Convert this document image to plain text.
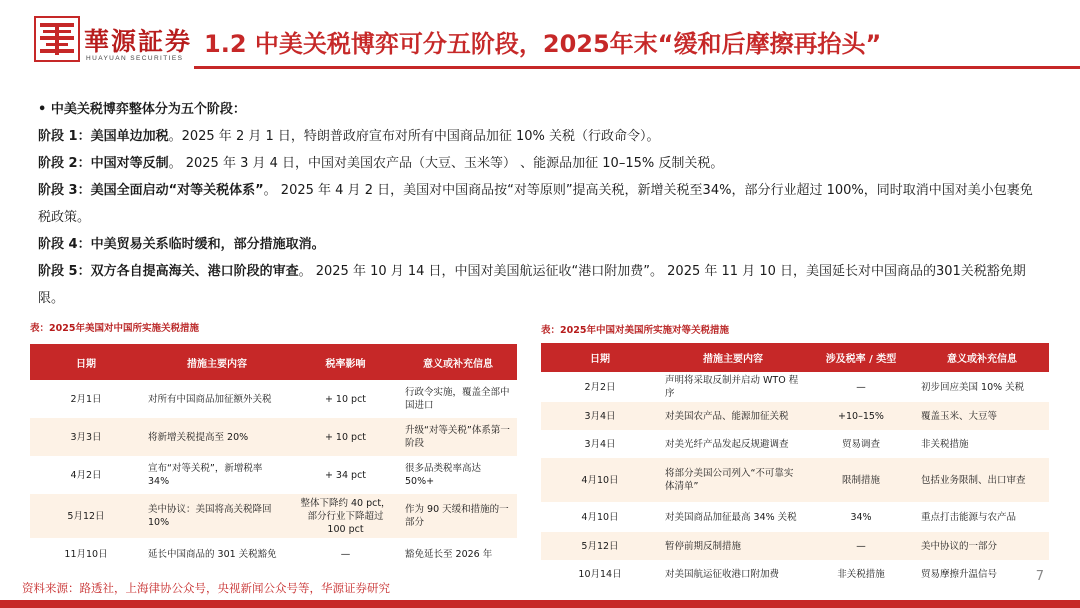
華源証券
HUAYUAN SECURITIES
1.2 中美关税博弈可分五阶段，2025年末“缓和后摩擦再抬头”

• 中美关税博弈整体分为五个阶段：

阶段 1：美国单边加税。2025 年 2 月 1 日，特朗普政府宣布对所有中国商品加征 10% 关税（行政命令）。

阶段 2：中国对等反制。 2025 年 3 月 4 日，中国对美国农产品（大豆、玉米等） 、能源品加征 10–15% 反制关税。

阶段 3：美国全面启动“对等关税体系”。 2025 年 4 月 2 日，美国对中国商品按“对等原则”提高关税，新增关税至34%，部分行业超过 100%，同时取消中国对美小包裹免税政策。

阶段 4：中美贸易关系临时缓和，部分措施取消。

阶段 5：双方各自提高海关、港口阶段的审查。 2025 年 10 月 14 日，中国对美国航运征收“港口附加费”。 2025 年 11 月 10 日，美国延长对中国商品的301关税豁免期限。

表：2025年美国对中国所实施关税措施
日期	措施主要内容	税率影响	意义或补充信息
2月1日	对所有中国商品加征额外关税	+ 10 pct	行政令实施，覆盖全部中国进口
3月3日	将新增关税提高至 20%	+ 10 pct	升级“对等关税”体系第一阶段
4月2日	宣布“对等关税”，新增税率 34%	+ 34 pct	很多品类税率高达 50%+
5月12日	美中协议：美国将高关税降回 10%	整体下降约 40 pct，部分行业下降超过 100 pct	作为 90 天缓和措施的一部分
11月10日	延长中国商品的 301 关税豁免	—	豁免延长至 2026 年
表：2025年中国对美国所实施对等关税措施
日期	措施主要内容	涉及税率 / 类型	意义或补充信息
2月2日	声明将采取反制并启动 WTO 程序	—	初步回应美国 10% 关税
3月4日	对美国农产品、能源加征关税	+10–15%	覆盖玉米、大豆等
3月4日	对美光纤产品发起反规避调查	贸易调查	非关税措施
4月10日	将部分美国公司列入“不可靠实体清单”	限制措施	包括业务限制、出口审查
4月10日	对美国商品加征最高 34% 关税	34%	重点打击能源与农产品
5月12日	暂停前期反制措施	—	美中协议的一部分
10月14日	对美国航运征收港口附加费	非关税措施	贸易摩擦升温信号
资料来源：路透社，上海律协公众号，央视新闻公众号等，华源证券研究
7
